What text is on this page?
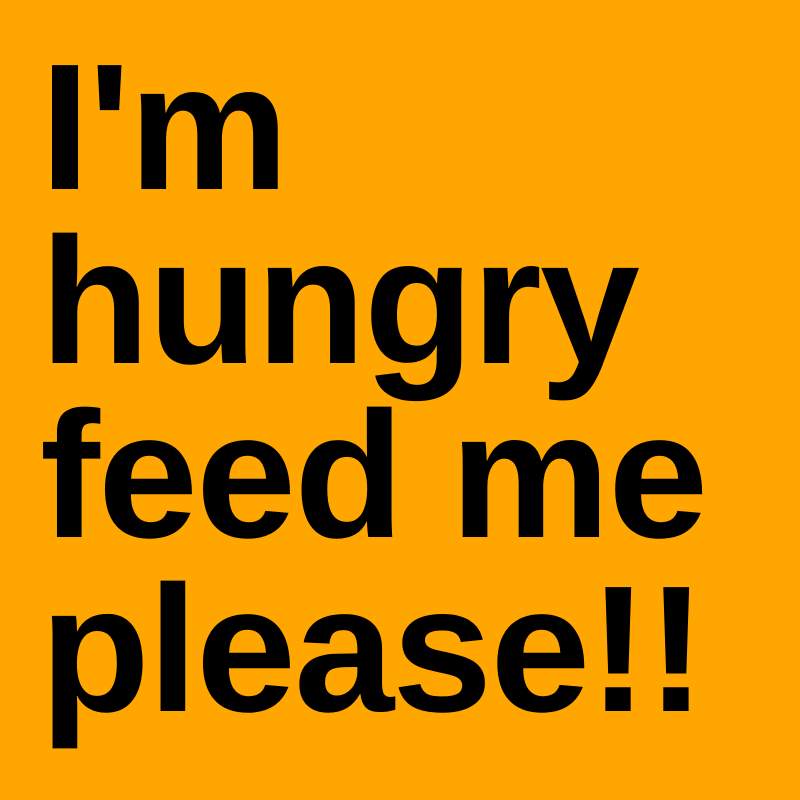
I'm

hungry

feed me

please!!
